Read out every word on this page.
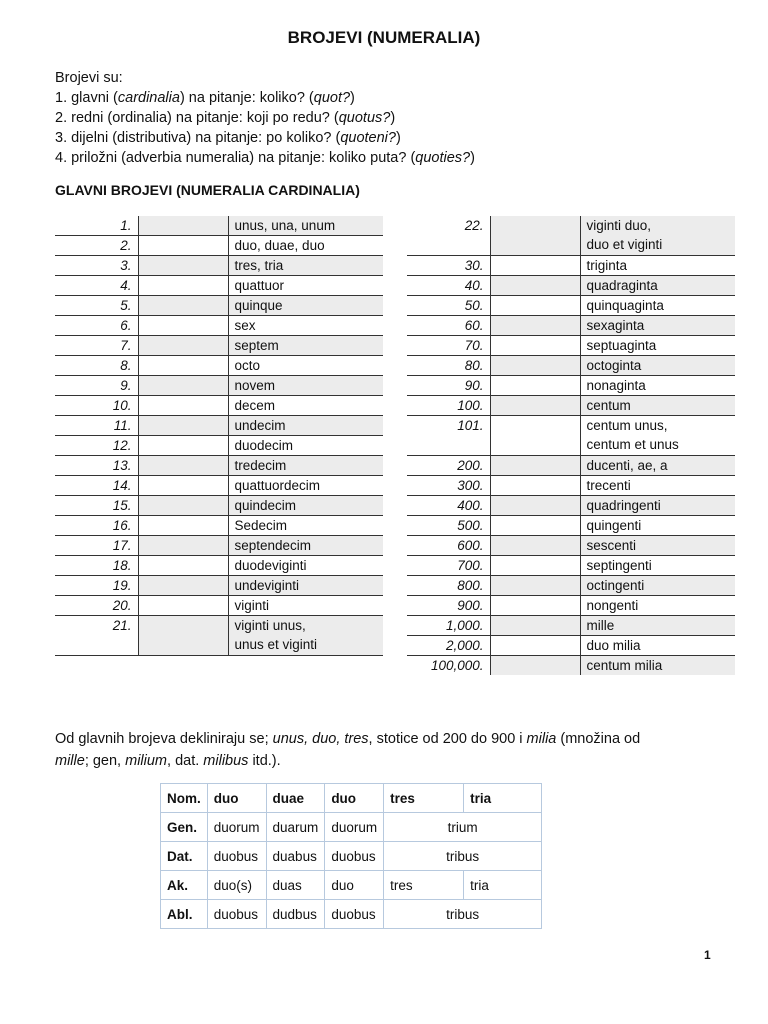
BROJEVI (NUMERALIA)
Brojevi su:
1. glavni (cardinalia) na pitanje: koliko? (quot?)
2. redni (ordinalia) na pitanje: koji po redu? (quotus?)
3. dijelni (distributiva) na pitanje: po koliko? (quoteni?)
4. priložni (adverbia numeralia) na pitanje: koliko puta? (quoties?)
GLAVNI BROJEVI (NUMERALIA CARDINALIA)
1.		unus, una, unum
2.		duo, duae, duo
3.		tres, tria
4.		quattuor
5.		quinque
6.		sex
7.		septem
8.		octo
9.		novem
10.		decem
11.		undecim
12.		duodecim
13.		tredecim
14.		quattuordecim
15.		quindecim
16.		Sedecim
17.		septendecim
18.		duodeviginti
19.		undeviginti
20.		viginti
21.		viginti unus,
unus et viginti
22.		viginti duo,
duo et viginti
30.		triginta
40.		quadraginta
50.		quinquaginta
60.		sexaginta
70.		septuaginta
80.		octoginta
90.		nonaginta
100.		centum
101.		centum unus,
centum et unus
200.		ducenti, ae, a
300.		trecenti
400.		quadringenti
500.		quingenti
600.		sescenti
700.		septingenti
800.		octingenti
900.		nongenti
1,000.		mille
2,000.		duo milia
100,000.		centum milia
Od glavnih brojeva dekliniraju se; unus, duo, tres, stotice od 200 do 900 i milia (množina od mille; gen, milium, dat. milibus itd.).
Nom.	duo	duae	duo	tres	tria
Gen.	duorum	duarum	duorum	trium	
Dat.	duobus	duabus	duobus	tribus	
Ak.	duo(s)	duas	duo	tres	tria
Abl.	duobus	dudbus	duobus	tribus	
1
